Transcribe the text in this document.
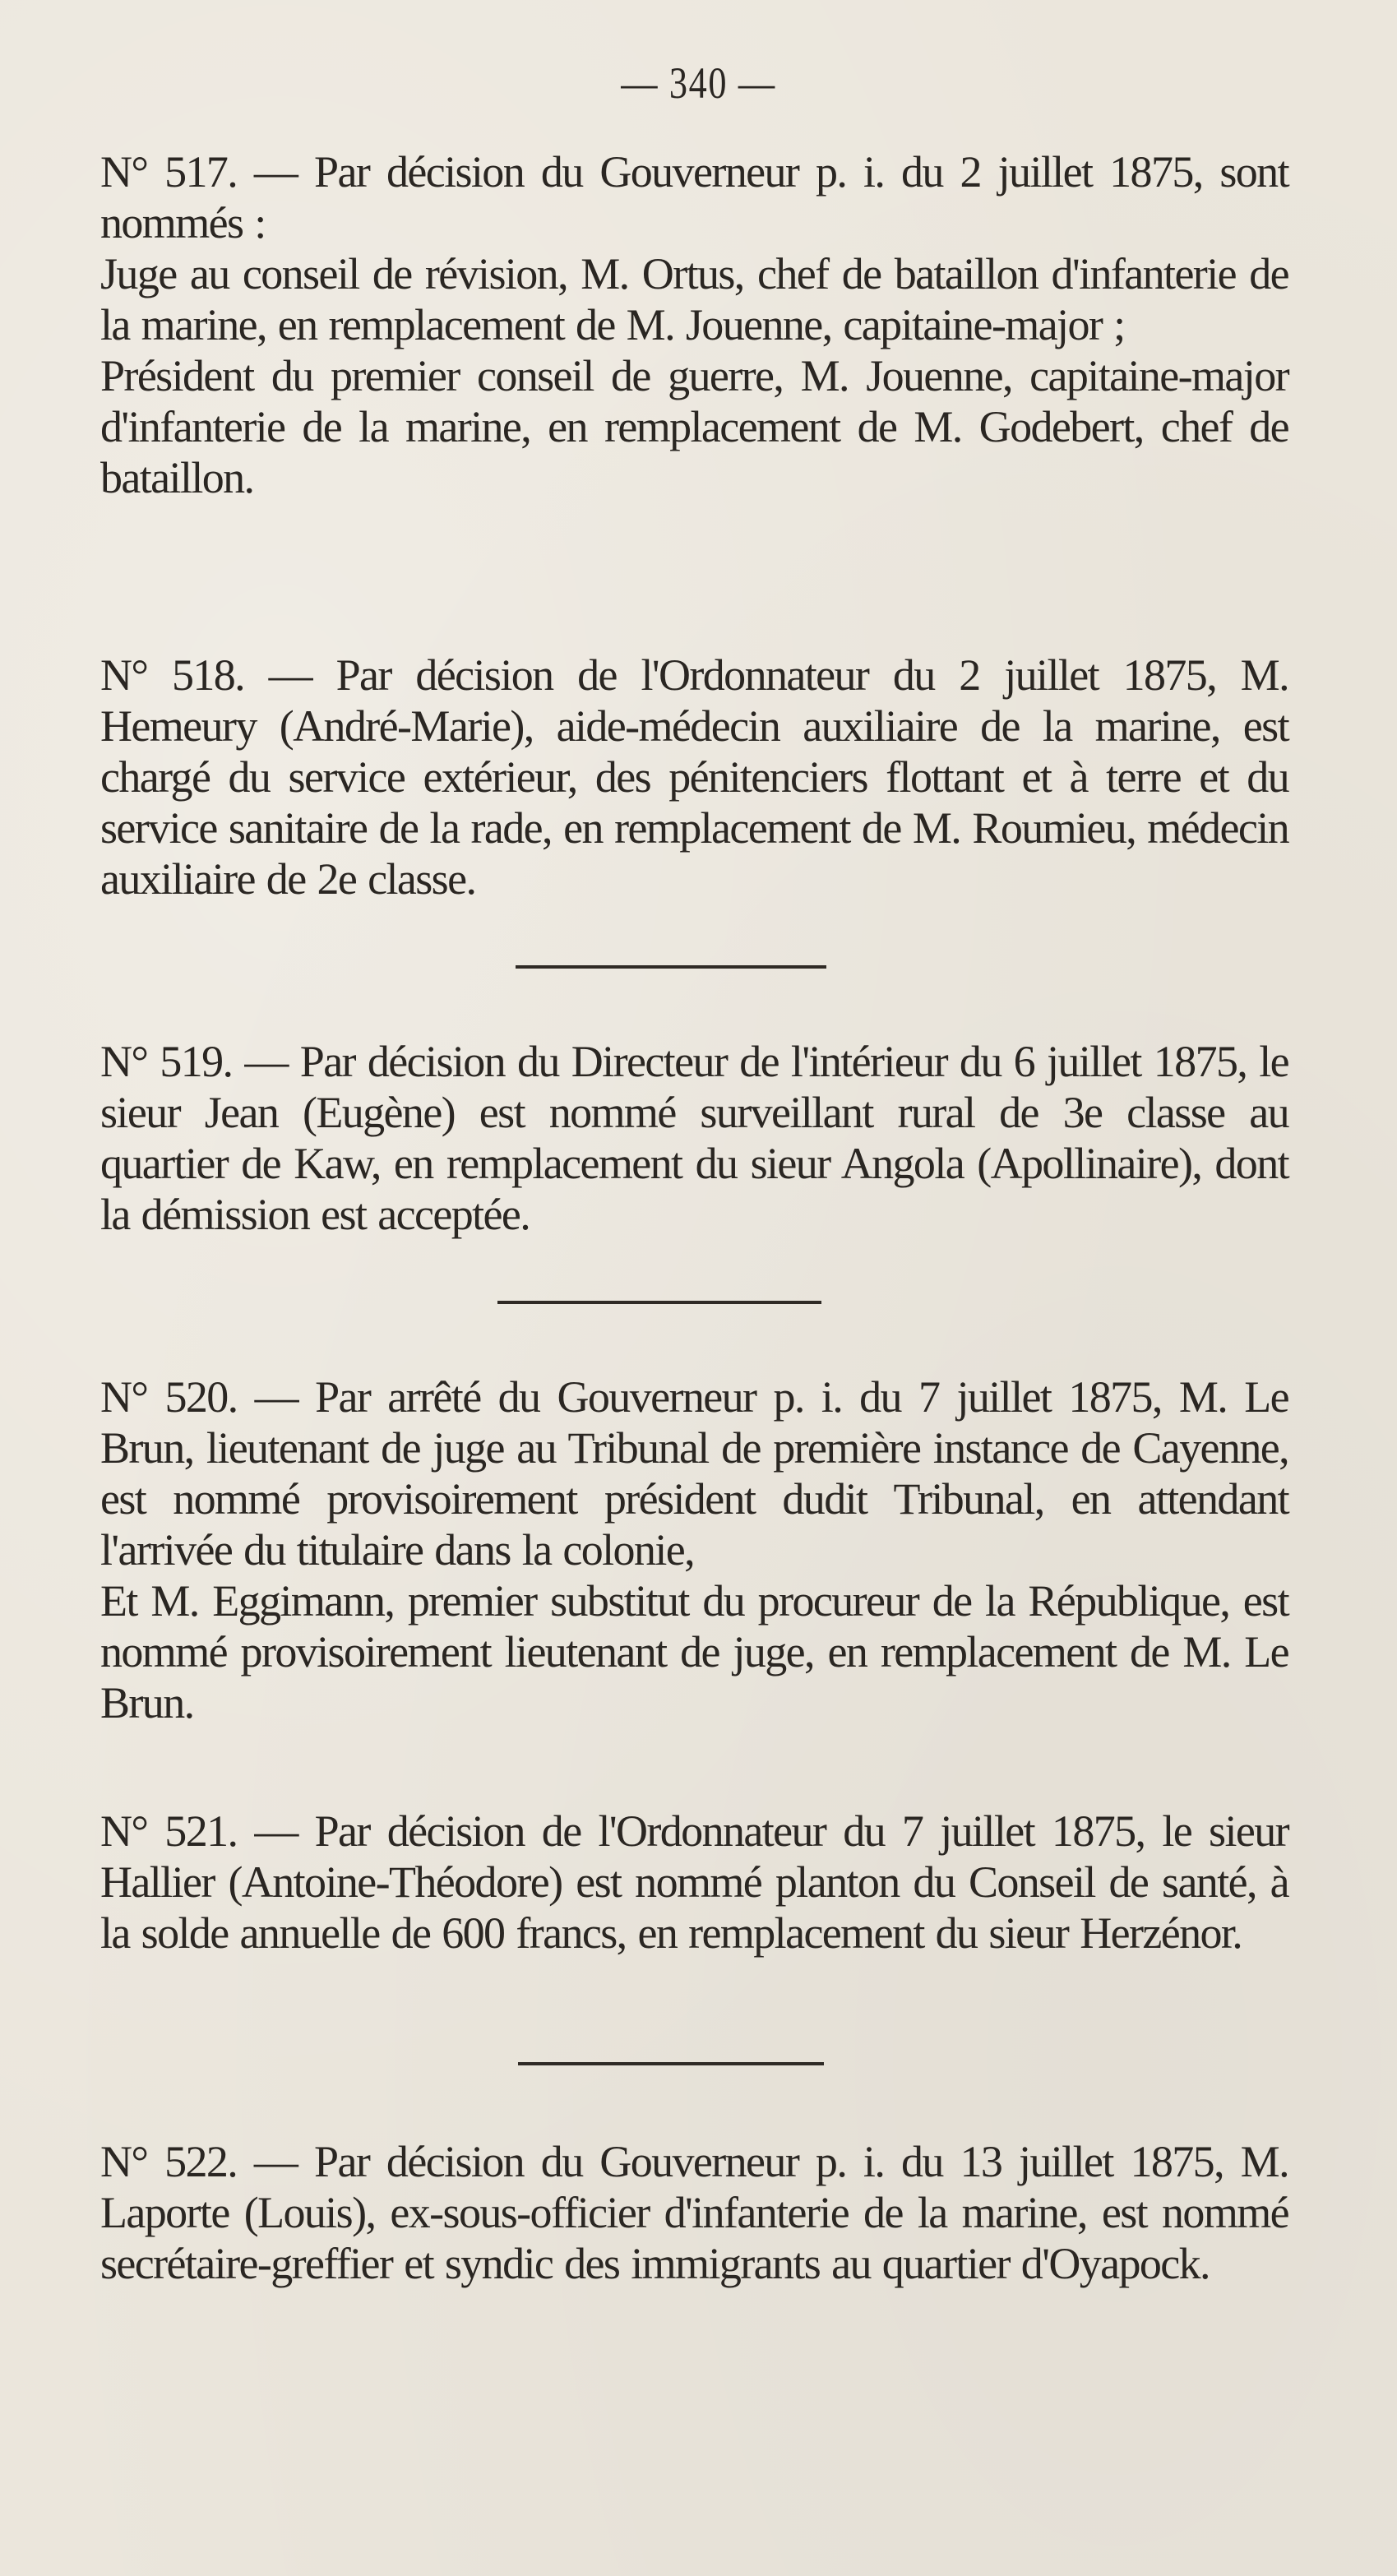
— 340 —

N° 517. — Par décision du Gouverneur p. i. du 2 juillet 1875, sont nommés :

Juge au conseil de révision, M. Ortus, chef de bataillon d'infanterie de la marine, en remplacement de M. Jouenne, capitaine-major ;

Président du premier conseil de guerre, M. Jouenne, capitaine-major d'infanterie de la marine, en remplacement de M. Godebert, chef de bataillon.

N° 518. — Par décision de l'Ordonnateur du 2 juillet 1875, M. Hemeury (André-Marie), aide-médecin auxiliaire de la marine, est chargé du service extérieur, des pénitenciers flottant et à terre et du service sanitaire de la rade, en remplacement de M. Roumieu, médecin auxiliaire de 2e classe.

N° 519. — Par décision du Directeur de l'intérieur du 6 juillet 1875, le sieur Jean (Eugène) est nommé surveillant rural de 3e classe au quartier de Kaw, en remplacement du sieur Angola (Apollinaire), dont la démission est acceptée.

N° 520. — Par arrêté du Gouverneur p. i. du 7 juillet 1875, M. Le Brun, lieutenant de juge au Tribunal de première instance de Cayenne, est nommé provisoirement président dudit Tribunal, en attendant l'arrivée du titulaire dans la colonie,

Et M. Eggimann, premier substitut du procureur de la République, est nommé provisoirement lieutenant de juge, en remplacement de M. Le Brun.

N° 521. — Par décision de l'Ordonnateur du 7 juillet 1875, le sieur Hallier (Antoine-Théodore) est nommé planton du Conseil de santé, à la solde annuelle de 600 francs, en remplacement du sieur Herzénor.

N° 522. — Par décision du Gouverneur p. i. du 13 juillet 1875, M. Laporte (Louis), ex-sous-officier d'infanterie de la marine, est nommé secrétaire-greffier et syndic des immigrants au quartier d'Oyapock.
